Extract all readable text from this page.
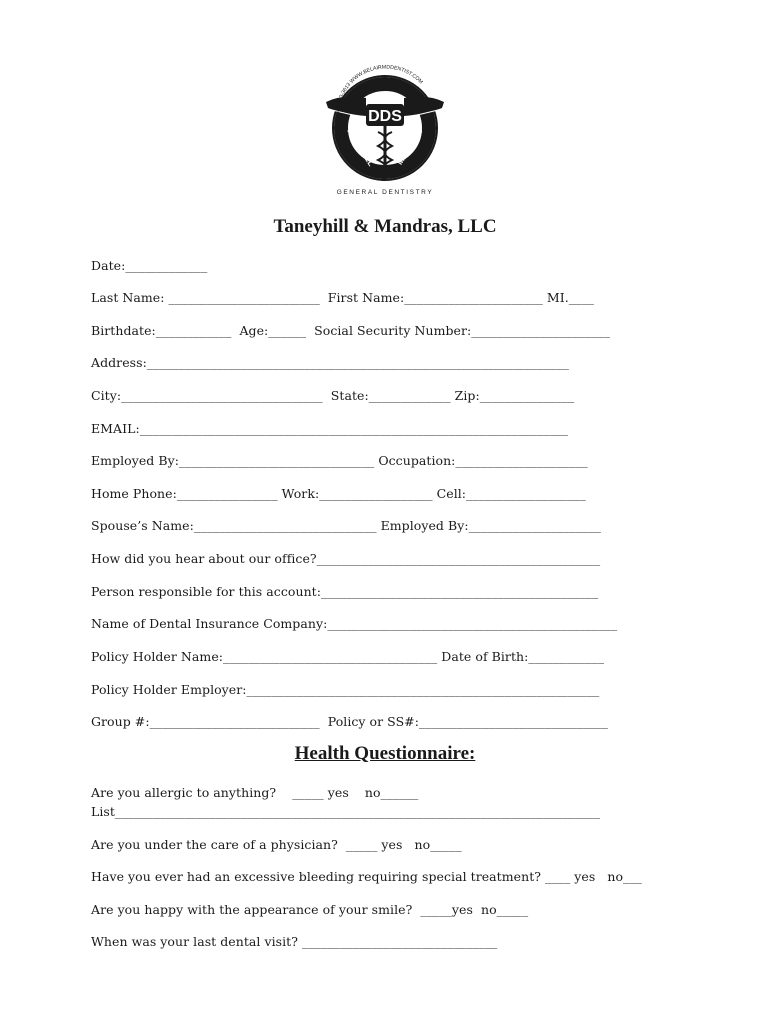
DDS
410-893-3613 WWW.BELAIRMDDENTIST.COM
TANEYHILL MANDRAS
GENERAL DENTISTRY
Taneyhill & Mandras, LLC
Date:_____________
Last Name: ________________________  First Name:______________________ MI.____
Birthdate:____________  Age:______  Social Security Number:______________________
Address:___________________________________________________________________
City:________________________________  State:_____________ Zip:_______________
EMAIL:____________________________________________________________________
Employed By:_______________________________ Occupation:_____________________
Home Phone:________________ Work:__________________ Cell:___________________
Spouse’s Name:_____________________________ Employed By:_____________________
How did you hear about our office?_____________________________________________
Person responsible for this account:____________________________________________
Name of Dental Insurance Company:______________________________________________
Policy Holder Name:__________________________________ Date of Birth:____________
Policy Holder Employer:________________________________________________________
Group #:___________________________  Policy or SS#:______________________________
Health Questionnaire:
Are you allergic to anything?    _____ yes    no______
List_____________________________________________________________________________
Are you under the care of a physician?  _____ yes   no_____
Have you ever had an excessive bleeding requiring special treatment? ____ yes   no___
Are you happy with the appearance of your smile?  _____yes  no_____
When was your last dental visit? _______________________________
